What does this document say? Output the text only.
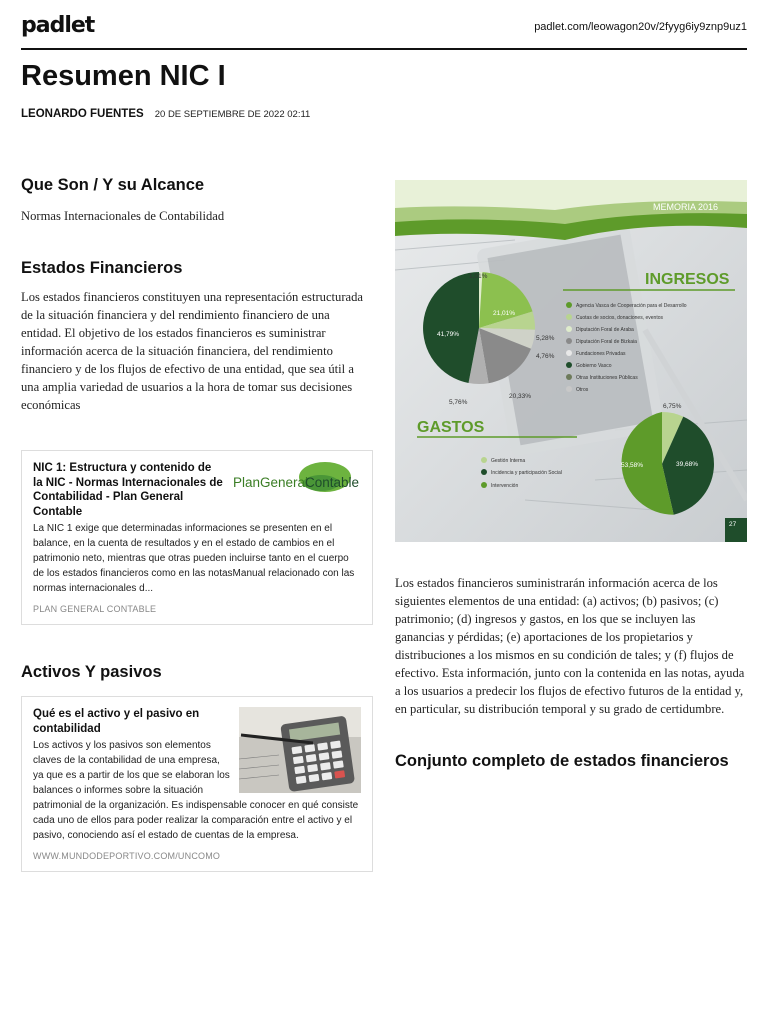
padlet	padlet.com/leowagon20v/2fyyg6iy9znp9uz1
Resumen NIC I
LEONARDO FUENTES 20 DE SEPTIEMBRE DE 2022 02:11
Que Son / Y su Alcance
Normas Internacionales de Contabilidad
Estados Financieros
Los estados financieros constituyen una representación estructurada de la situación financiera y del rendimiento financiero de una entidad. El objetivo de los estados financieros es suministrar información acerca de la situación financiera, del rendimiento financiero y de los flujos de efectivo de una entidad, que sea útil a una amplia variedad de usuarios a la hora de tomar sus decisiones económicas
NIC 1: Estructura y contenido de la NIC - Normas Internacionales de Contabilidad - Plan General Contable
PlanGeneral
Contable
La NIC 1 exige que determinadas informaciones se presenten en el balance, en la cuenta de resultados y en el estado de cambios en el patrimonio neto, mientras que otras pueden incluirse tanto en el cuerpo de los estados financieros como en las notasManual relacionado con las normas internacionales d...
PLAN GENERAL CONTABLE
Activos Y pasivos
Qué es el activo y el pasivo en contabilidad
Los activos y los pasivos son elementos claves de la contabilidad de una empresa, ya que es a partir de los que se elaboran los balances o informes sobre la situación patrimonial de la organización. Es indispensable conocer en qué consiste cada uno de ellos para poder realizar la comparación entre el activo y el pasivo, conociendo así el estado de cuentas de la empresa.
WWW.MUNDODEPORTIVO.COM/UNCOMO
MEMORIA 2016
INGRESOS
1,01%
21,01%
5,28%
4,76%
20,33%
5,76%
41,79%
Agencia Vasca de Cooperación para el Desarrollo
Cuotas de socios, donaciones, eventos
Diputación Foral de Araba
Diputación Foral de Bizkaia
Fundaciones Privadas
Gobierno Vasco
Otras Instituciones Públicas
Otros
GASTOS
Gestión Interna
Incidencia y participación Social
Intervención
6,75%
39,68%
53,58%
27
Los estados financieros suministrarán información acerca de los siguientes elementos de una entidad: (a) activos; (b) pasivos; (c) patrimonio; (d) ingresos y gastos, en los que se incluyen las ganancias y pérdidas; (e) aportaciones de los propietarios y distribuciones a los mismos en su condición de tales; y (f) flujos de efectivo. Esta información, junto con la contenida en las notas, ayuda a los usuarios a predecir los flujos de efectivo futuros de la entidad y, en particular, su distribución temporal y su grado de certidumbre.
Conjunto completo de estados financieros
